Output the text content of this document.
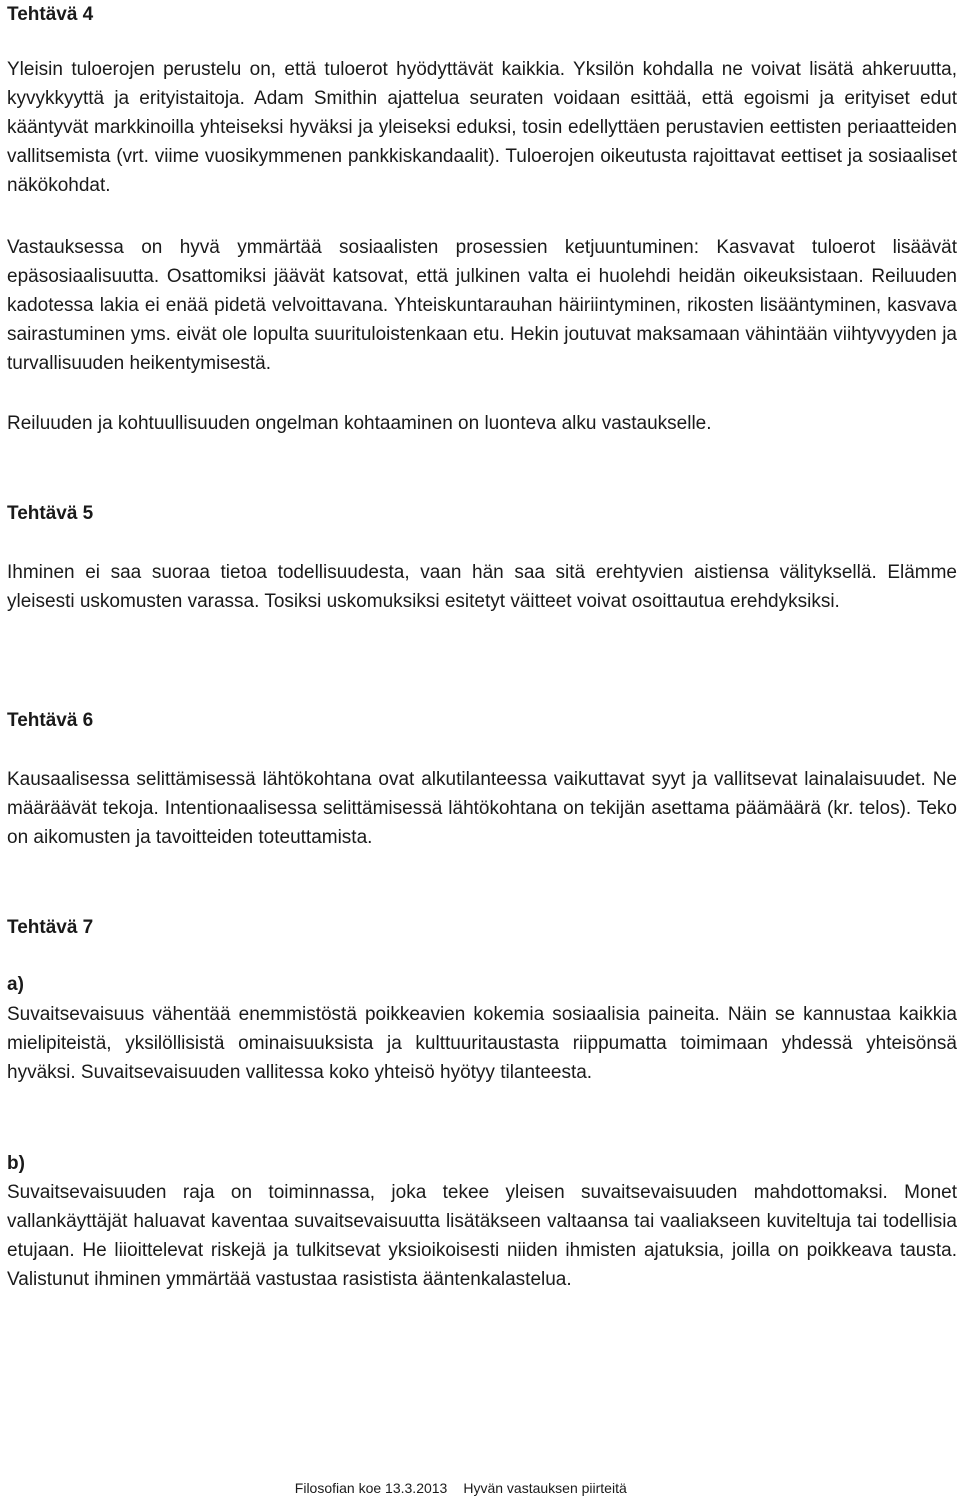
Tehtävä 4

Yleisin tuloerojen perustelu on, että tuloerot hyödyttävät kaikkia. Yksilön kohdalla ne voivat lisätä ahkeruutta, kyvykkyyttä ja erityistaitoja. Adam Smithin ajattelua seuraten voidaan esittää, että egoismi ja erityiset edut kääntyvät markkinoilla yhteiseksi hyväksi ja yleiseksi eduksi, tosin edellyttäen perustavien eettisten periaatteiden vallitsemista (vrt. viime vuosikymmenen pankkiskandaalit). Tuloerojen oikeutusta rajoittavat eettiset ja sosiaaliset näkökohdat.

Vastauksessa on hyvä ymmärtää sosiaalisten prosessien ketjuuntuminen: Kasvavat tuloerot lisäävät epäsosiaalisuutta. Osattomiksi jäävät katsovat, että julkinen valta ei huolehdi heidän oikeuksistaan. Reiluuden kadotessa lakia ei enää pidetä velvoittavana. Yhteiskuntarauhan häiriintyminen, rikosten lisääntyminen, kasvava sairastuminen yms. eivät ole lopulta suurituloistenkaan etu. Hekin joutuvat maksamaan vähintään viihtyvyyden ja turvallisuuden heikentymisestä.

Reiluuden ja kohtuullisuuden ongelman kohtaaminen on luonteva alku vastaukselle.

Tehtävä 5

Ihminen ei saa suoraa tietoa todellisuudesta, vaan hän saa sitä erehtyvien aistiensa välityksellä. Elämme yleisesti uskomusten varassa. Tosiksi uskomuksiksi esitetyt väitteet voivat osoittautua erehdyksiksi.

Tehtävä 6

Kausaalisessa selittämisessä lähtökohtana ovat alkutilanteessa vaikuttavat syyt ja vallitsevat lainalaisuudet. Ne määräävät tekoja. Intentionaalisessa selittämisessä lähtökohtana on tekijän asettama päämäärä (kr. telos). Teko on aikomusten ja tavoitteiden toteuttamista.

Tehtävä 7
a)

Suvaitsevaisuus vähentää enemmistöstä poikkeavien kokemia sosiaalisia paineita. Näin se kannustaa kaikkia mielipiteistä, yksilöllisistä ominaisuuksista ja kulttuuritaustasta riippumatta toimimaan yhdessä yhteisönsä hyväksi. Suvaitsevaisuuden vallitessa koko yhteisö hyötyy tilanteesta.

b)

Suvaitsevaisuuden raja on toiminnassa, joka tekee yleisen suvaitsevaisuuden mahdottomaksi. Monet vallankäyttäjät haluavat kaventaa suvaitsevaisuutta lisätäkseen valtaansa tai vaaliakseen kuviteltuja tai todellisia etujaan. He liioittelevat riskejä ja tulkitsevat yksioikoisesti niiden ihmisten ajatuksia, joilla on poikkeava tausta. Valistunut ihminen ymmärtää vastustaa rasistista ääntenkalastelua.

Filosofian koe 13.3.2013 Hyvän vastauksen piirteitä
